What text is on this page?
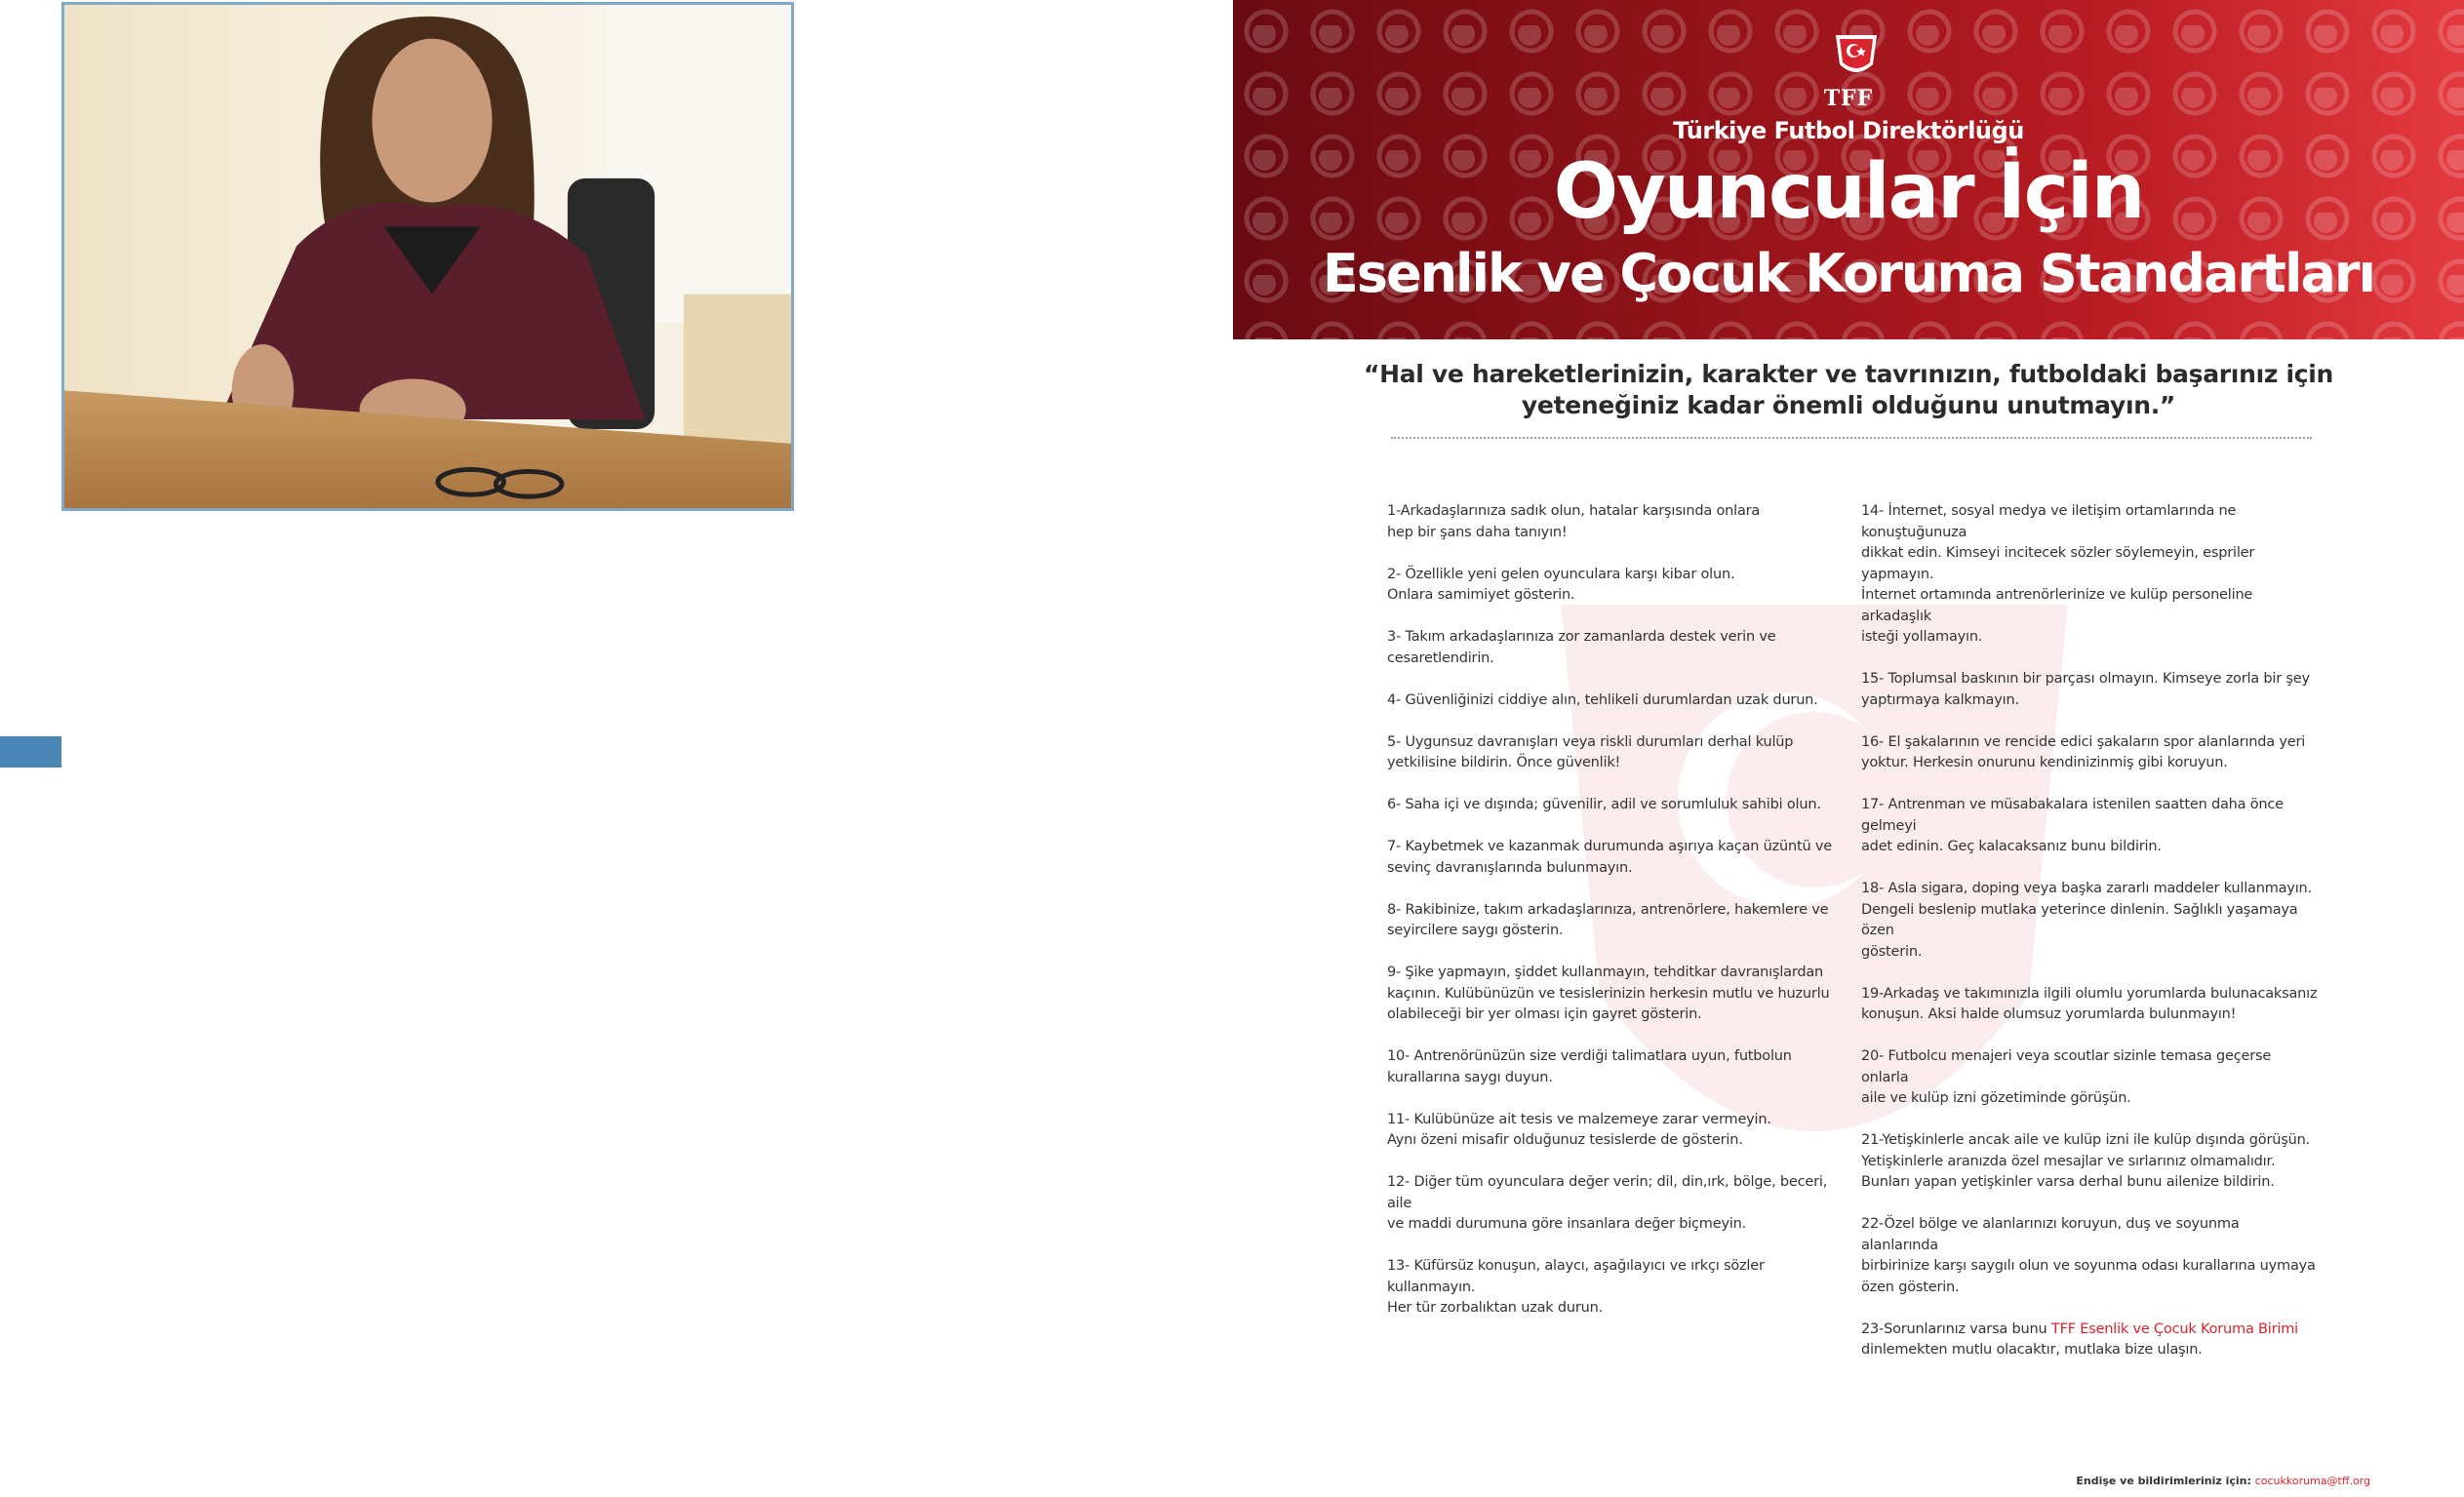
TFF
Türkiye Futbol Direktörlüğü
Oyuncular İçin
Esenlik ve Çocuk Koruma Standartları
“Hal ve hareketlerinizin, karakter ve tavrınızın, futboldaki başarınız için
yeteneğiniz kadar önemli olduğunu unutmayın.”

1-Arkadaşlarınıza sadık olun, hatalar karşısında onlara
hep bir şans daha tanıyın!

2- Özellikle yeni gelen oyunculara karşı kibar olun.
Onlara samimiyet gösterin.

3- Takım arkadaşlarınıza zor zamanlarda destek verin ve
cesaretlendirin.

4- Güvenliğinizi ciddiye alın, tehlikeli durumlardan uzak durun.

5- Uygunsuz davranışları veya riskli durumları derhal kulüp
yetkilisine bildirin. Önce güvenlik!

6- Saha içi ve dışında; güvenilir, adil ve sorumluluk sahibi olun.

7- Kaybetmek ve kazanmak durumunda aşırıya kaçan üzüntü ve
sevinç davranışlarında bulunmayın.

8- Rakibinize, takım arkadaşlarınıza, antrenörlere, hakemlere ve
seyircilere saygı gösterin.

9- Şike yapmayın, şiddet kullanmayın, tehditkar davranışlardan
kaçının. Kulübünüzün ve tesislerinizin herkesin mutlu ve huzurlu
olabileceği bir yer olması için gayret gösterin.

10- Antrenörünüzün size verdiği talimatlara uyun, futbolun
kurallarına saygı duyun.

11- Kulübünüze ait tesis ve malzemeye zarar vermeyin.
Aynı özeni misafir olduğunuz tesislerde de gösterin.

12- Diğer tüm oyunculara değer verin; dil, din,ırk, bölge, beceri, aile
ve maddi durumuna göre insanlara değer biçmeyin.

13- Küfürsüz konuşun, alaycı, aşağılayıcı ve ırkçı sözler kullanmayın.
Her tür zorbalıktan uzak durun.

14- İnternet, sosyal medya ve iletişim ortamlarında ne konuştuğunuza
dikkat edin. Kimseyi incitecek sözler söylemeyin, espriler yapmayın.
İnternet ortamında antrenörlerinize ve kulüp personeline arkadaşlık
isteği yollamayın.

15- Toplumsal baskının bir parçası olmayın. Kimseye zorla bir şey
yaptırmaya kalkmayın.

16- El şakalarının ve rencide edici şakaların spor alanlarında yeri
yoktur. Herkesin onurunu kendinizinmiş gibi koruyun.

17- Antrenman ve müsabakalara istenilen saatten daha önce gelmeyi
adet edinin. Geç kalacaksanız bunu bildirin.

18- Asla sigara, doping veya başka zararlı maddeler kullanmayın.
Dengeli beslenip mutlaka yeterince dinlenin. Sağlıklı yaşamaya özen
gösterin.

19-Arkadaş ve takımınızla ilgili olumlu yorumlarda bulunacaksanız
konuşun. Aksi halde olumsuz yorumlarda bulunmayın!

20- Futbolcu menajeri veya scoutlar sizinle temasa geçerse onlarla
aile ve kulüp izni gözetiminde görüşün.

21-Yetişkinlerle ancak aile ve kulüp izni ile kulüp dışında görüşün.
Yetişkinlerle aranızda özel mesajlar ve sırlarınız olmamalıdır.
Bunları yapan yetişkinler varsa derhal bunu ailenize bildirin.

22-Özel bölge ve alanlarınızı koruyun, duş ve soyunma alanlarında
birbirinize karşı saygılı olun ve soyunma odası kurallarına uymaya
özen gösterin.

23-Sorunlarınız varsa bunu TFF Esenlik ve Çocuk Koruma Birimi
dinlemekten mutlu olacaktır, mutlaka bize ulaşın.

Endişe ve bildirimleriniz için: cocukkoruma@tff.org
